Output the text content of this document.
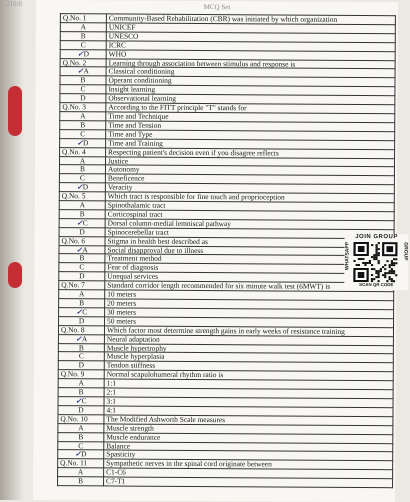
210:0	MCQ Set
Q.No. 1	Community-Based Rehabilitation (CBR) was initiated by which organization
A	UNICEF
B	UNESCO
C	ICRC
✓D	WHO
Q.No. 2	Learning through association between stimulus and response is
✓A	Classical conditioning
B	Operant conditioning
C	Insight learning
D	Observational learning
Q.No. 3	According to the FITT principle "T" stands for
A	Time and Technique
B	Time and Tension
C	Time and Type
✓D	Time and Training
Q.No. 4	Respecting patient's decision even if you disagree reflects
A	Justice
B	Autonomy
C	Beneficence
✓D	Veracity
Q.No. 5	Which tract is responsible for fine touch and proprioception
A	Spinothalamic tract
B	Corticospinal tract
✓C	Dorsal column-medial lemniscal pathway
D	Spinocerebellar tract
Q.No. 6	Stigma in health best described as
✓A	Social disapproval due to illness
B	Treatment method
C	Fear of diagnosis
D	Unequal services
Q.No. 7	Standard corridor length recommended for six minute walk test (6MWT) is
A	10 meters
B	20 meters
✓C	30 meters
D	50 meters
Q.No. 8	Which factor most determine strength gains in early weeks of resistance training
✓A	Neural adaptation
B	Muscle hypertrophy
C	Muscle hyperplasia
D	Tendon stiffness
Q.No. 9	Normal scapulohumeral rhythm ratio is
A	1:1
B	2:1
✓C	3:1
D	4:1
Q.No. 10	The Modified Ashworth Scale measures
A	Muscle strength
B	Muscle endurance
C	Balance
✓D	Spasticity
Q.No. 11	Sympathetic nerves in the spinal cord originate between
A	C1-C6
B	C7-T1
JOIN GROUP
WHATSAPP	GROUP
SCAN QR CODE
